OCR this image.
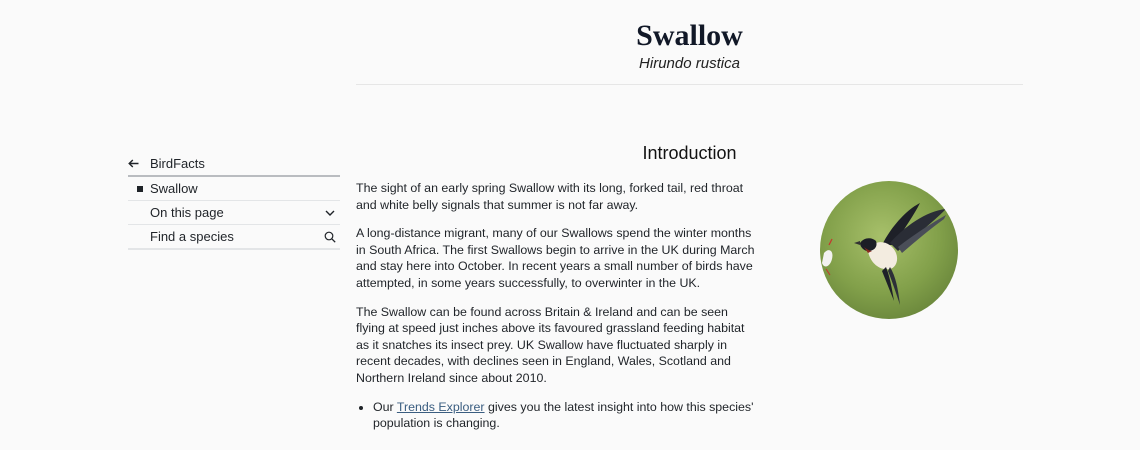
Swallow
Hirundo rustica
BirdFacts
Swallow
On this page
Find a species
Introduction

The sight of an early spring Swallow with its long, forked tail, red throat and white belly signals that summer is not far away.

A long-distance migrant, many of our Swallows spend the winter months in South Africa. The first Swallows begin to arrive in the UK during March and stay here into October. In recent years a small number of birds have attempted, in some years successfully, to overwinter in the UK.

The Swallow can be found across Britain & Ireland and can be seen flying at speed just inches above its favoured grassland feeding habitat as it snatches its insect prey. UK Swallow have fluctuated sharply in recent decades, with declines seen in England, Wales, Scotland and Northern Ireland since about 2010.

• Our Trends Explorer gives you the latest insight into how this species' population is changing.
